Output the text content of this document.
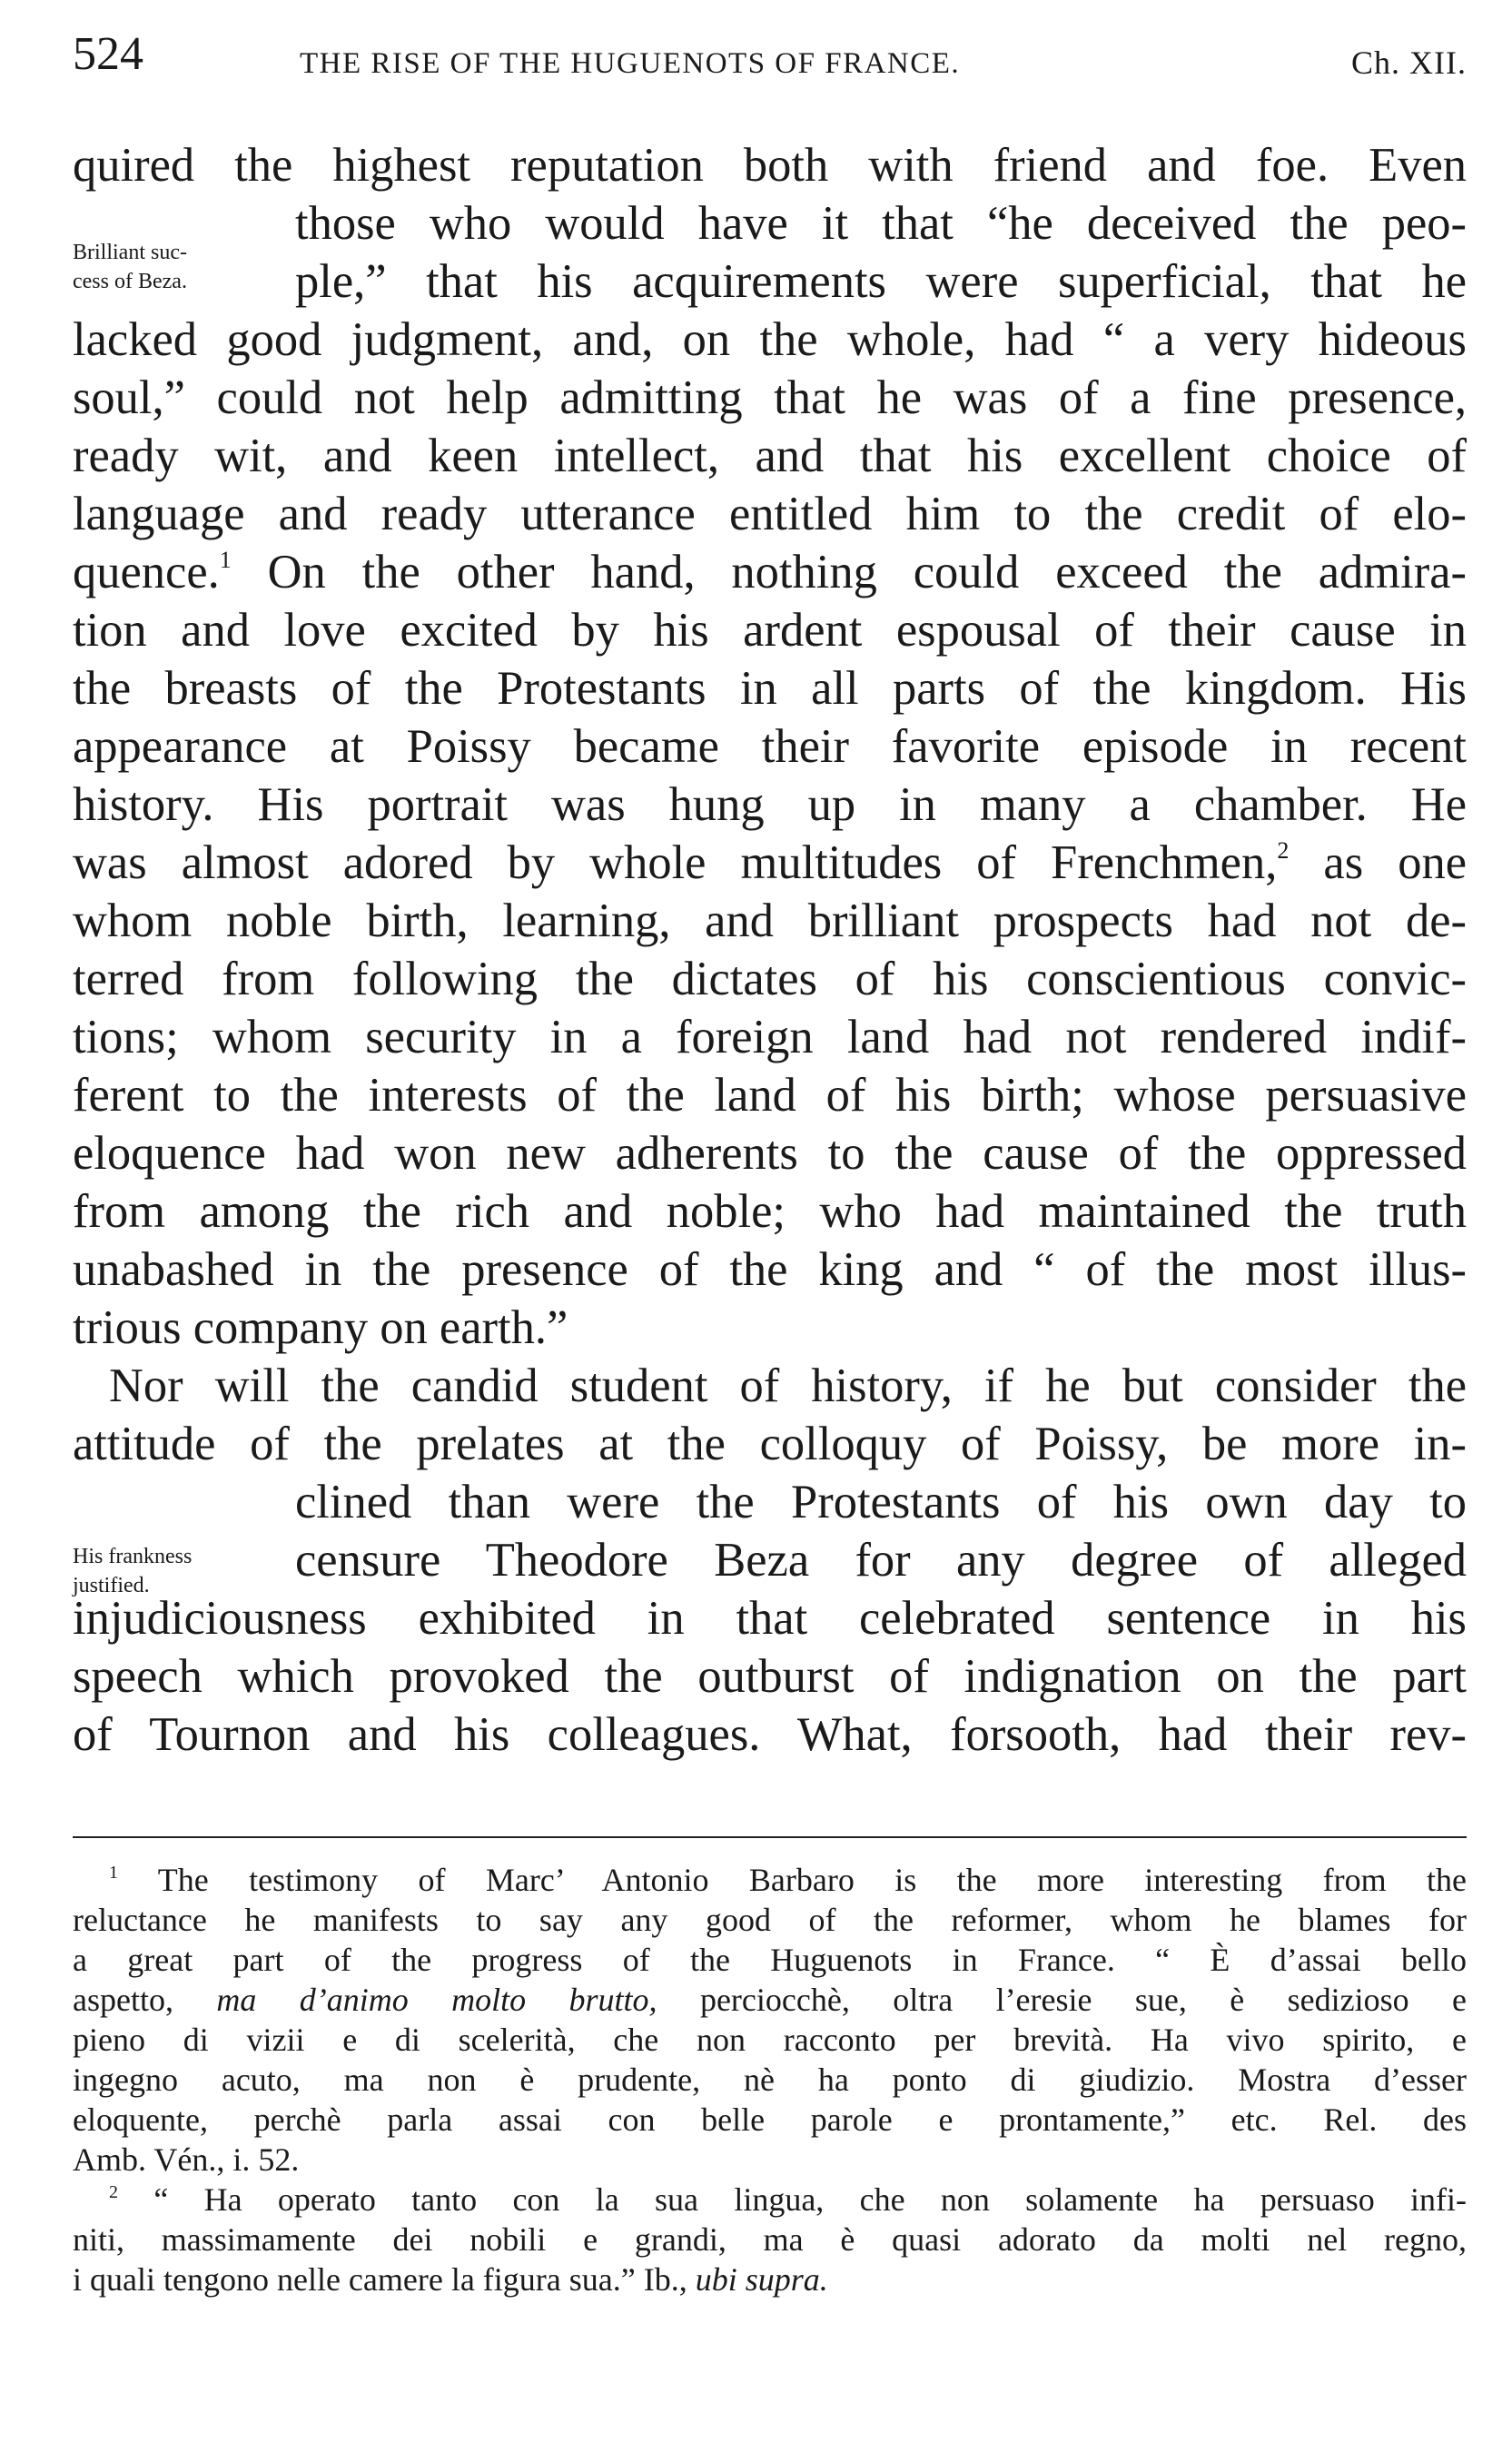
524	THE RISE OF THE HUGUENOTS OF FRANCE.	Ch. XII.
Brilliant suc-
cess of Beza.
His frankness
justified.
quired the highest reputation both with friend and foe. Even
those who would have it that “he deceived the peo-
ple,” that his acquirements were superficial, that he
lacked good judgment, and, on the whole, had “ a very hideous
soul,” could not help admitting that he was of a fine presence,
ready wit, and keen intellect, and that his excellent choice of
language and ready utterance entitled him to the credit of elo-
quence.$^1$ On the other hand, nothing could exceed the admira-
tion and love excited by his ardent espousal of their cause in
the breasts of the Protestants in all parts of the kingdom. His
appearance at Poissy became their favorite episode in recent
history. His portrait was hung up in many a chamber. He
was almost adored by whole multitudes of Frenchmen,$^2$ as one
whom noble birth, learning, and brilliant prospects had not de-
terred from following the dictates of his conscientious convic-
tions; whom security in a foreign land had not rendered indif-
ferent to the interests of the land of his birth; whose persuasive
eloquence had won new adherents to the cause of the oppressed
from among the rich and noble; who had maintained the truth
unabashed in the presence of the king and “ of the most illus-
trious company on earth.”
Nor will the candid student of history, if he but consider the
attitude of the prelates at the colloquy of Poissy, be more in-
clined than were the Protestants of his own day to
censure Theodore Beza for any degree of alleged
injudiciousness exhibited in that celebrated sentence in his
speech which provoked the outburst of indignation on the part
of Tournon and his colleagues. What, forsooth, had their rev-
$^1$ The testimony of Marc’ Antonio Barbaro is the more interesting from the
reluctance he manifests to say any good of the reformer, whom he blames for
a great part of the progress of the Huguenots in France. “ È d’assai bello
aspetto, ma d’animo molto brutto, perciocchè, oltra l’eresie sue, è sedizioso e
pieno di vizii e di scelerità, che non racconto per brevità. Ha vivo spirito, e
ingegno acuto, ma non è prudente, nè ha ponto di giudizio. Mostra d’esser
eloquente, perchè parla assai con belle parole e prontamente,” etc. Rel. des
Amb. Vén., i. 52.
$^2$ “ Ha operato tanto con la sua lingua, che non solamente ha persuaso infi-
niti, massimamente dei nobili e grandi, ma è quasi adorato da molti nel regno,
i quali tengono nelle camere la figura sua.” Ib., ubi supra.
